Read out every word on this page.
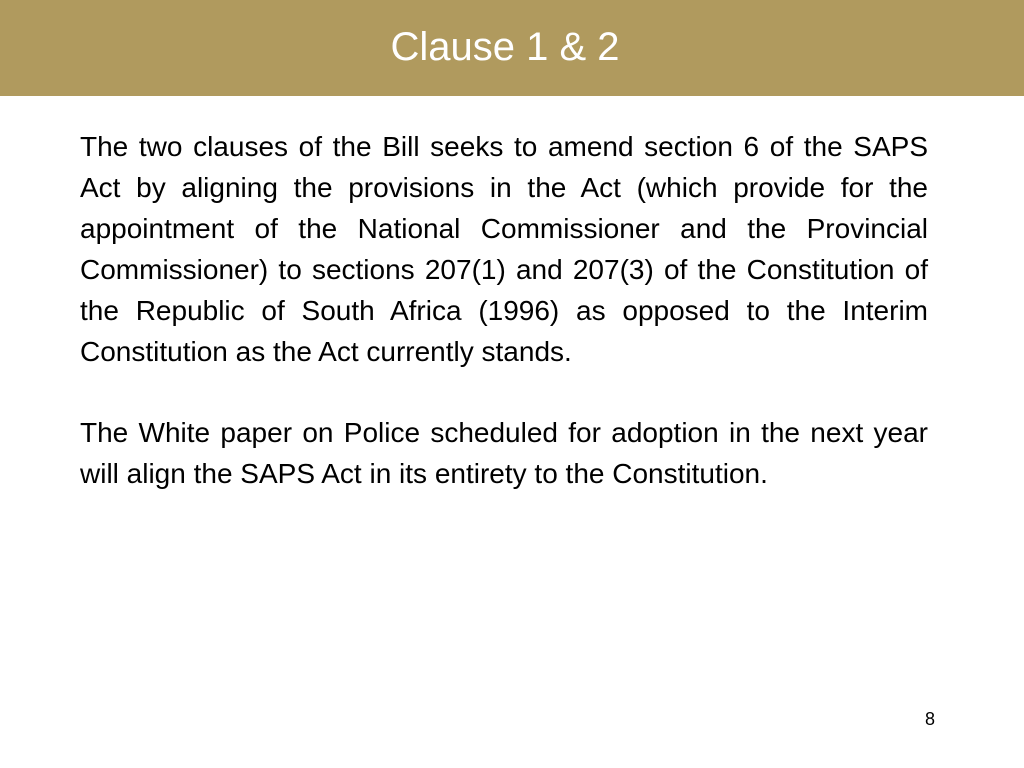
Clause 1 & 2

The two clauses of the Bill seeks to amend section 6 of the SAPS Act by aligning the provisions in the Act (which provide for the appointment of the National Commissioner and the Provincial Commissioner) to sections 207(1) and 207(3) of the Constitution of the Republic of South Africa (1996) as opposed to the Interim Constitution as the Act currently stands.

The White paper on Police scheduled for adoption in the next year will align the SAPS Act in its entirety to the Constitution.

8
